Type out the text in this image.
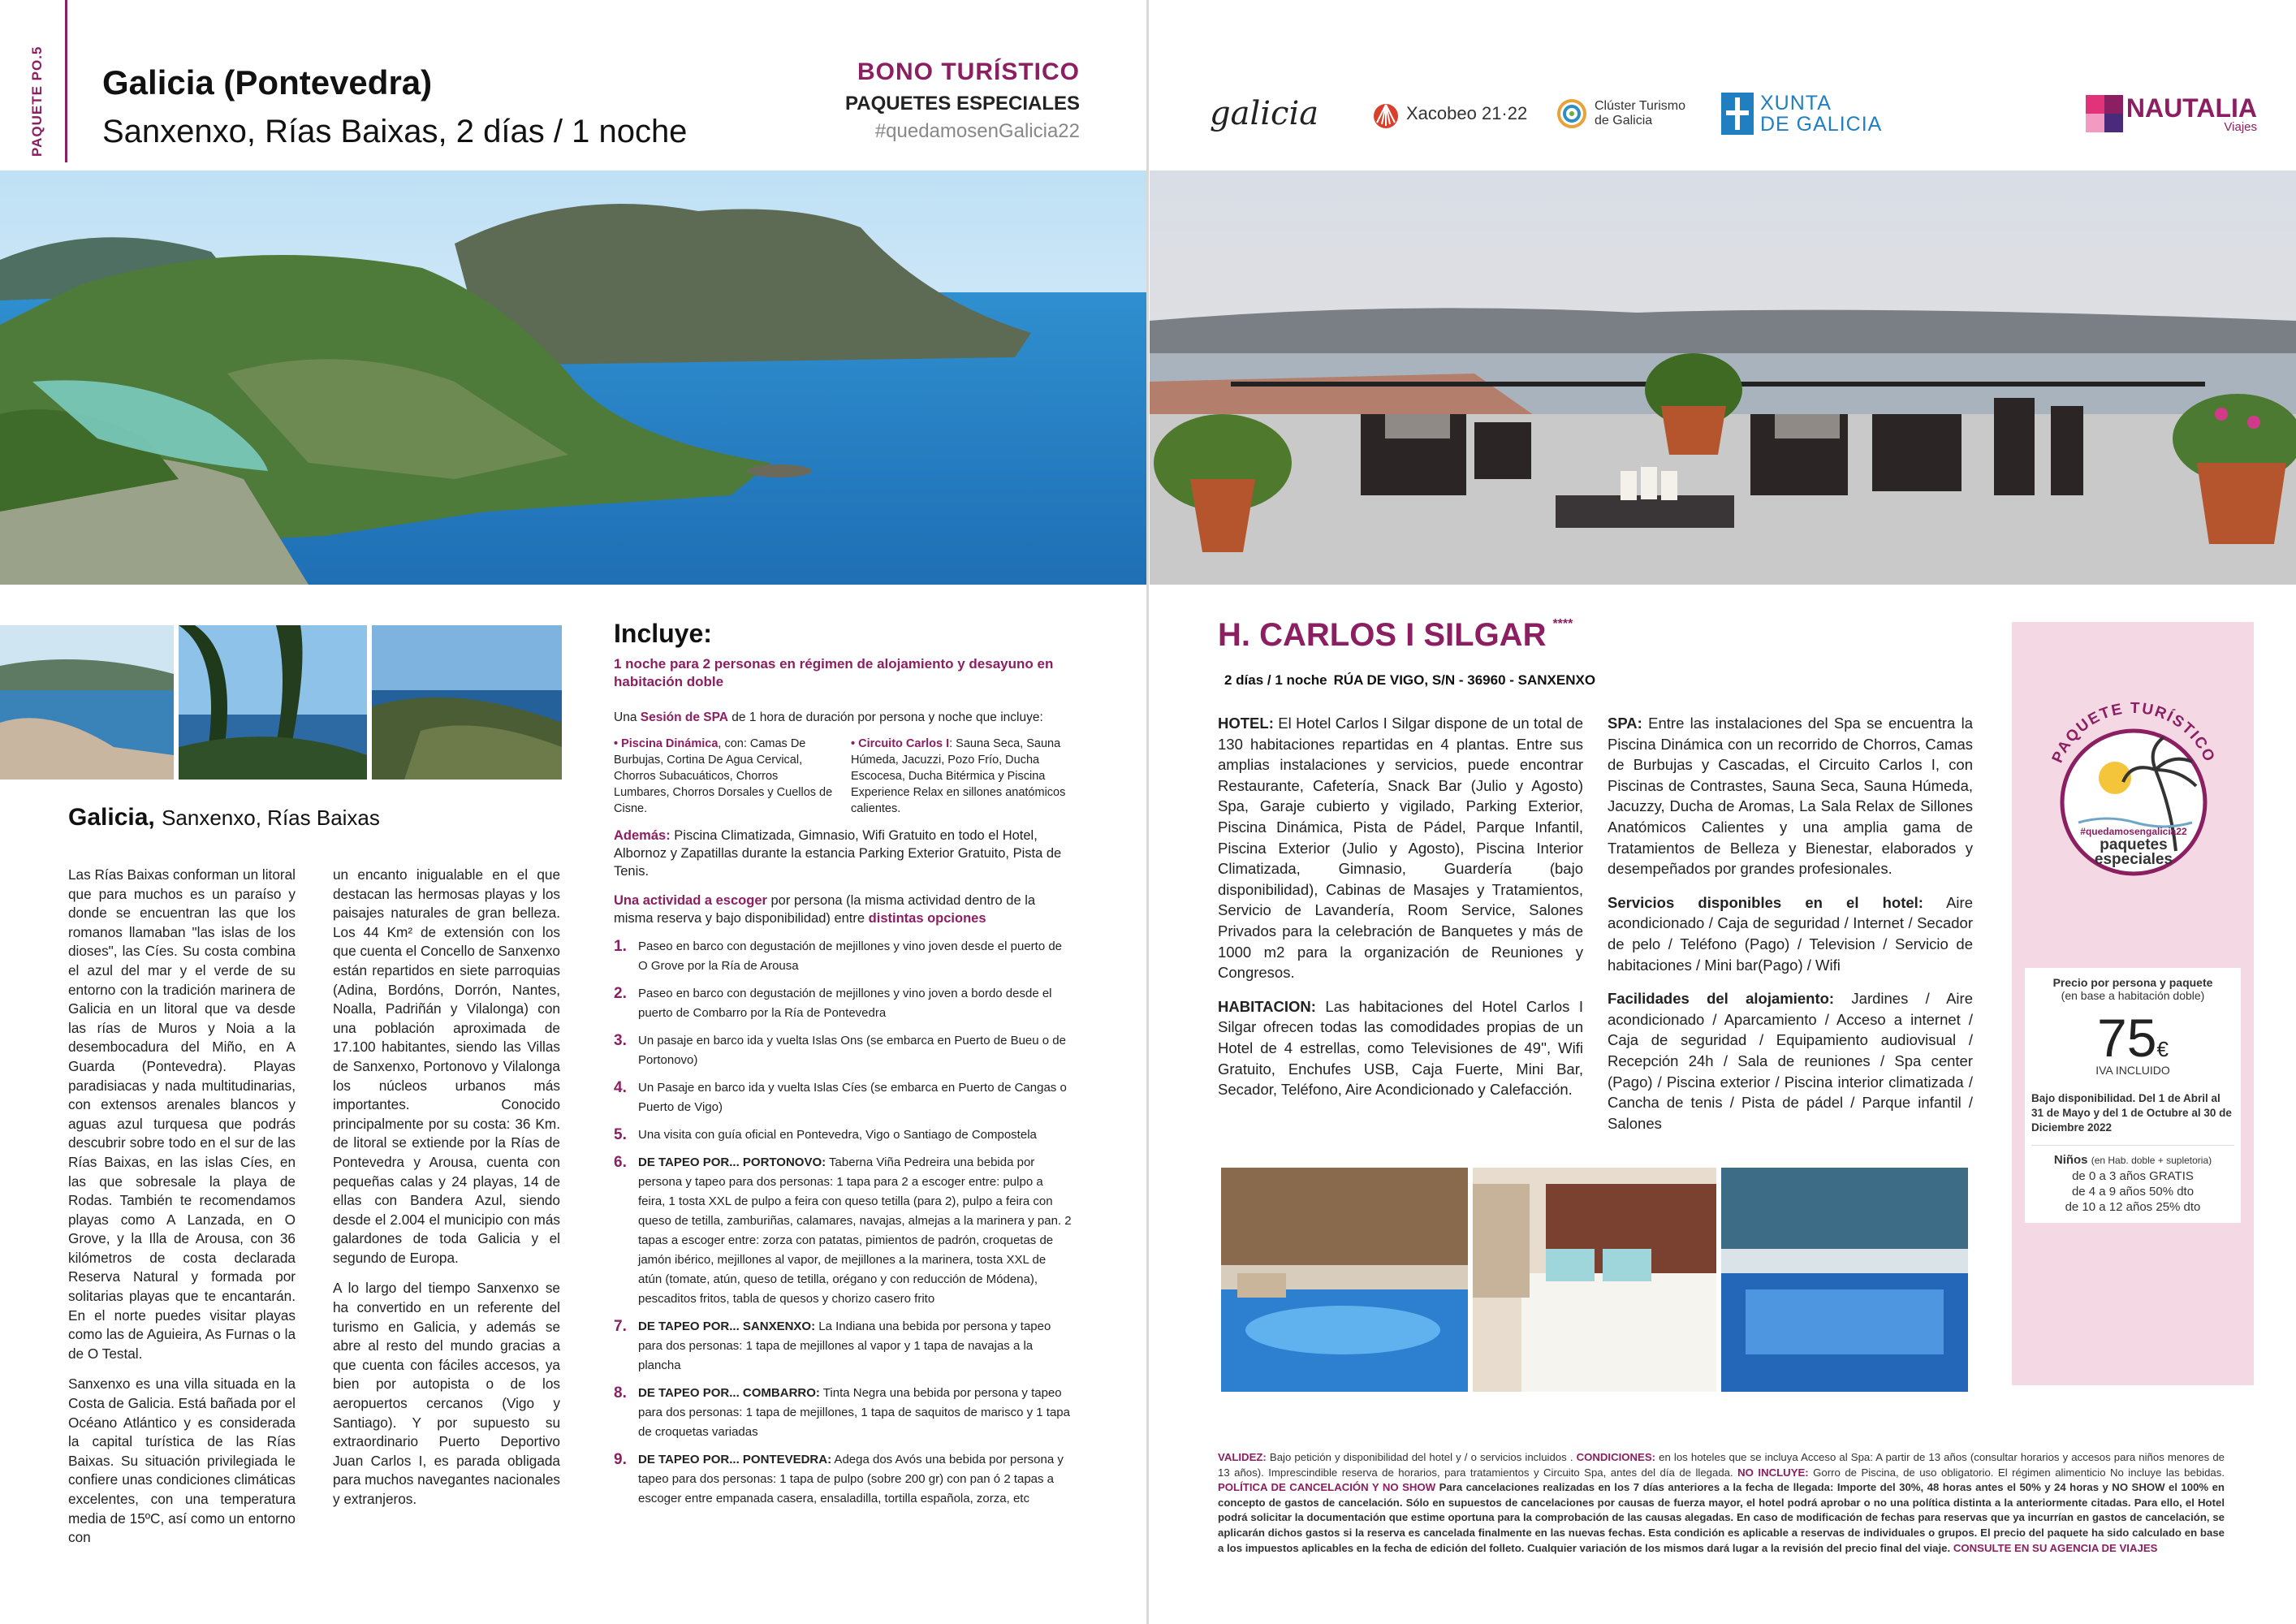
PAQUETE PO.5 Galicia (Pontevedra)
Sanxenxo, Rías Baixas, 2 días / 1 noche
BONO TURÍSTICO
PAQUETES ESPECIALES
#quedamosenGalicia22
Galicia, Sanxenxo, Rías Baixas

Las Rías Baixas conforman un litoral que para muchos es un paraíso y donde se encuentran las que los romanos llamaban "las islas de los dioses", las Cíes. Su costa combina el azul del mar y el verde de su entorno con la tradición marinera de Galicia en un litoral que va desde las rías de Muros y Noia a la desembocadura del Miño, en A Guarda (Pontevedra). Playas paradisiacas y nada multitudinarias, con extensos arenales blancos y aguas azul turquesa que podrás descubrir sobre todo en el sur de las Rías Baixas, en las islas Cíes, en las que sobresale la playa de Rodas. También te recomendamos playas como A Lanzada, en O Grove, y la Illa de Arousa, con 36 kilómetros de costa declarada Reserva Natural y formada por solitarias playas que te encantarán. En el norte puedes visitar playas como las de Aguieira, As Furnas o la de O Testal.

Sanxenxo es una villa situada en la Costa de Galicia. Está bañada por el Océano Atlántico y es considerada la capital turística de las Rías Baixas. Su situación privilegiada le confiere unas condiciones climáticas excelentes, con una temperatura media de 15ºC, así como un entorno con

un encanto inigualable en el que destacan las hermosas playas y los paisajes naturales de gran belleza. Los 44 Km² de extensión con los que cuenta el Concello de Sanxenxo están repartidos en siete parroquias (Adina, Bordóns, Dorrón, Nantes, Noalla, Padriñán y Vilalonga) con una población aproximada de 17.100 habitantes, siendo las Villas de Sanxenxo, Portonovo y Vilalonga los núcleos urbanos más importantes. Conocido principalmente por su costa: 36 Km. de litoral se extiende por la Rías de Pontevedra y Arousa, cuenta con pequeñas calas y 24 playas, 14 de ellas con Bandera Azul, siendo desde el 2.004 el municipio con más galardones de toda Galicia y el segundo de Europa.

A lo largo del tiempo Sanxenxo se ha convertido en un referente del turismo en Galicia, y además se abre al resto del mundo gracias a que cuenta con fáciles accesos, ya bien por autopista o de los aeropuertos cercanos (Vigo y Santiago). Y por supuesto su extraordinario Puerto Deportivo Juan Carlos I, es parada obligada para muchos navegantes nacionales y extranjeros.

Incluye:
1 noche para 2 personas en régimen de alojamiento y desayuno en habitación doble
Una Sesión de SPA de 1 hora de duración por persona y noche que incluye:
• Piscina Dinámica, con: Camas De Burbujas, Cortina De Agua Cervical, Chorros Subacuáticos, Chorros Lumbares, Chorros Dorsales y Cuellos de Cisne.
• Circuito Carlos I: Sauna Seca, Sauna Húmeda, Jacuzzi, Pozo Frío, Ducha Escocesa, Ducha Bitérmica y Piscina Experience Relax en sillones anatómicos calientes.
Además: Piscina Climatizada, Gimnasio, Wifi Gratuito en todo el Hotel, Albornoz y Zapatillas durante la estancia Parking Exterior Gratuito, Pista de Tenis.
Una actividad a escoger por persona (la misma actividad dentro de la misma reserva y bajo disponibilidad) entre distintas opciones
1. Paseo en barco con degustación de mejillones y vino joven desde el puerto de O Grove por la Ría de Arousa
2. Paseo en barco con degustación de mejillones y vino joven a bordo desde el puerto de Combarro por la Ría de Pontevedra
3. Un pasaje en barco ida y vuelta Islas Ons (se embarca en Puerto de Bueu o de Portonovo)
4. Un Pasaje en barco ida y vuelta Islas Cíes (se embarca en Puerto de Cangas o Puerto de Vigo)
5. Una visita con guía oficial en Pontevedra, Vigo o Santiago de Compostela
6. DE TAPEO POR... PORTONOVO: Taberna Viña Pedreira una bebida por persona y tapeo para dos personas: 1 tapa para 2 a escoger entre: pulpo a feira, 1 tosta XXL de pulpo a feira con queso tetilla (para 2), pulpo a feira con queso de tetilla, zamburiñas, calamares, navajas, almejas a la marinera y pan. 2 tapas a escoger entre: zorza con patatas, pimientos de padrón, croquetas de jamón ibérico, mejillones al vapor, de mejillones a la marinera, tosta XXL de atún (tomate, atún, queso de tetilla, orégano y con reducción de Módena), pescaditos fritos, tabla de quesos y chorizo casero frito
7. DE TAPEO POR... SANXENXO: La Indiana una bebida por persona y tapeo para dos personas: 1 tapa de mejillones al vapor y 1 tapa de navajas a la plancha
8. DE TAPEO POR... COMBARRO: Tinta Negra una bebida por persona y tapeo para dos personas: 1 tapa de mejillones, 1 tapa de saquitos de marisco y 1 tapa de croquetas variadas
9. DE TAPEO POR... PONTEVEDRA: Adega dos Avós una bebida por persona y tapeo para dos personas: 1 tapa de pulpo (sobre 200 gr) con pan ó 2 tapas a escoger entre empanada casera, ensaladilla, tortilla española, zorza, etc
galicia	Xacobeo 21·22	Clúster Turismo
de Galicia
XUNTA
DE GALICIA
NAUTALIA
Viajes
H. CARLOS I SILGAR ****
2 días / 1 noche RÚA DE VIGO, S/N - 36960 - SANXENXO

HOTEL: El Hotel Carlos I Silgar dispone de un total de 130 habitaciones repartidas en 4 plantas. Entre sus amplias instalaciones y servicios, puede encontrar Restaurante, Cafetería, Snack Bar (Julio y Agosto) Spa, Garaje cubierto y vigilado, Parking Exterior, Piscina Dinámica, Pista de Pádel, Parque Infantil, Piscina Exterior (Julio y Agosto), Piscina Interior Climatizada, Gimnasio, Guardería (bajo disponibilidad), Cabinas de Masajes y Tratamientos, Servicio de Lavandería, Room Service, Salones Privados para la celebración de Banquetes y más de 1000 m2 para la organización de Reuniones y Congresos.

HABITACION: Las habitaciones del Hotel Carlos I Silgar ofrecen todas las comodidades propias de un Hotel de 4 estrellas, como Televisiones de 49'', Wifi Gratuito, Enchufes USB, Caja Fuerte, Mini Bar, Secador, Teléfono, Aire Acondicionado y Calefacción.

SPA: Entre las instalaciones del Spa se encuentra la Piscina Dinámica con un recorrido de Chorros, Camas de Burbujas y Cascadas, el Circuito Carlos I, con Piscinas de Contrastes, Sauna Seca, Sauna Húmeda, Jacuzzy, Ducha de Aromas, La Sala Relax de Sillones Anatómicos Calientes y una amplia gama de Tratamientos de Belleza y Bienestar, elaborados y desempeñados por grandes profesionales.

Servicios disponibles en el hotel: Aire acondicionado / Caja de seguridad / Internet / Secador de pelo / Teléfono (Pago) / Television / Servicio de habitaciones / Mini bar(Pago) / Wifi

Facilidades del alojamiento: Jardines / Aire acondicionado / Aparcamiento / Acceso a internet / Caja de seguridad / Equipamiento audiovisual / Recepción 24h / Sala de reuniones / Spa center (Pago) / Piscina exterior / Piscina interior climatizada / Cancha de tenis / Pista de pádel / Parque infantil / Salones

PAQUETE TURÍSTICO
#quedamosengalicia22
paquetes
especiales
Precio por persona y paquete
(en base a habitación doble)
75€
IVA INCLUIDO
Bajo disponibilidad. Del 1 de Abril al 31 de Mayo y del 1 de Octubre al 30 de Diciembre 2022
Niños (en Hab. doble + supletoria)
de 0 a 3 años GRATIS
de 4 a 9 años 50% dto
de 10 a 12 años 25% dto
VALIDEZ: Bajo petición y disponibilidad del hotel y / o servicios incluidos . CONDICIONES: en los hoteles que se incluya Acceso al Spa: A partir de 13 años (consultar horarios y accesos para niños menores de 13 años). Imprescindible reserva de horarios, para tratamientos y Circuito Spa, antes del día de llegada. NO INCLUYE: Gorro de Piscina, de uso obligatorio. El régimen alimenticio No incluye las bebidas. POLÍTICA DE CANCELACIÓN Y NO SHOW Para cancelaciones realizadas en los 7 días anteriores a la fecha de llegada: Importe del 30%, 48 horas antes el 50% y 24 horas y NO SHOW el 100% en concepto de gastos de cancelación. Sólo en supuestos de cancelaciones por causas de fuerza mayor, el hotel podrá aprobar o no una política distinta a la anteriormente citadas. Para ello, el Hotel podrá solicitar la documentación que estime oportuna para la comprobación de las causas alegadas. En caso de modificación de fechas para reservas que ya incurrían en gastos de cancelación, se aplicarán dichos gastos si la reserva es cancelada finalmente en las nuevas fechas. Esta condición es aplicable a reservas de individuales o grupos. El precio del paquete ha sido calculado en base a los impuestos aplicables en la fecha de edición del folleto. Cualquier variación de los mismos dará lugar a la revisión del precio final del viaje. CONSULTE EN SU AGENCIA DE VIAJES
